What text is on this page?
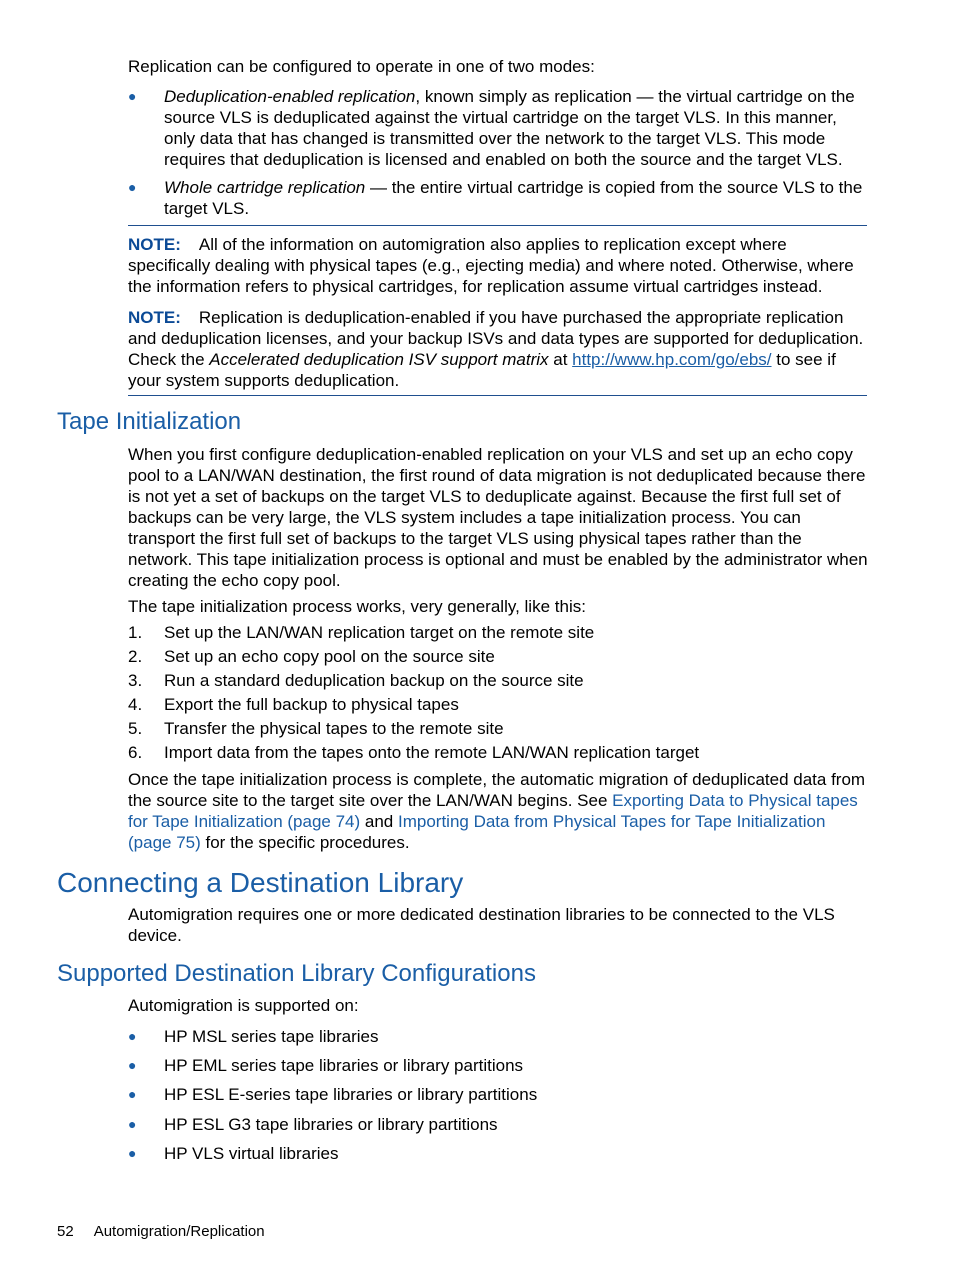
Replication can be configured to operate in one of two modes:

● Deduplication-enabled replication, known simply as replication — the virtual cartridge on the source VLS is deduplicated against the virtual cartridge on the target VLS. In this manner, only data that has changed is transmitted over the network to the target VLS. This mode requires that deduplication is licensed and enabled on both the source and the target VLS.
● Whole cartridge replication — the entire virtual cartridge is copied from the source VLS to the target VLS.

NOTE: All of the information on automigration also applies to replication except where specifically dealing with physical tapes (e.g., ejecting media) and where noted. Otherwise, where the information refers to physical cartridges, for replication assume virtual cartridges instead.

NOTE: Replication is deduplication-enabled if you have purchased the appropriate replication and deduplication licenses, and your backup ISVs and data types are supported for deduplication. Check the Accelerated deduplication ISV support matrix at http://www.hp.com/go/ebs/ to see if your system supports deduplication.

Tape Initialization

When you first configure deduplication-enabled replication on your VLS and set up an echo copy pool to a LAN/WAN destination, the first round of data migration is not deduplicated because there is not yet a set of backups on the target VLS to deduplicate against. Because the first full set of backups can be very large, the VLS system includes a tape initialization process. You can transport the first full set of backups to the target VLS using physical tapes rather than the network. This tape initialization process is optional and must be enabled by the administrator when creating the echo copy pool.

The tape initialization process works, very generally, like this:

1. Set up the LAN/WAN replication target on the remote site
2. Set up an echo copy pool on the source site
3. Run a standard deduplication backup on the source site
4. Export the full backup to physical tapes
5. Transfer the physical tapes to the remote site
6. Import data from the tapes onto the remote LAN/WAN replication target

Once the tape initialization process is complete, the automatic migration of deduplicated data from the source site to the target site over the LAN/WAN begins. See Exporting Data to Physical tapes for Tape Initialization (page 74) and Importing Data from Physical Tapes for Tape Initialization (page 75) for the specific procedures.

Connecting a Destination Library

Automigration requires one or more dedicated destination libraries to be connected to the VLS device.

Supported Destination Library Configurations

Automigration is supported on:

● HP MSL series tape libraries
● HP EML series tape libraries or library partitions
● HP ESL E-series tape libraries or library partitions
● HP ESL G3 tape libraries or library partitions
● HP VLS virtual libraries
52 Automigration/Replication
